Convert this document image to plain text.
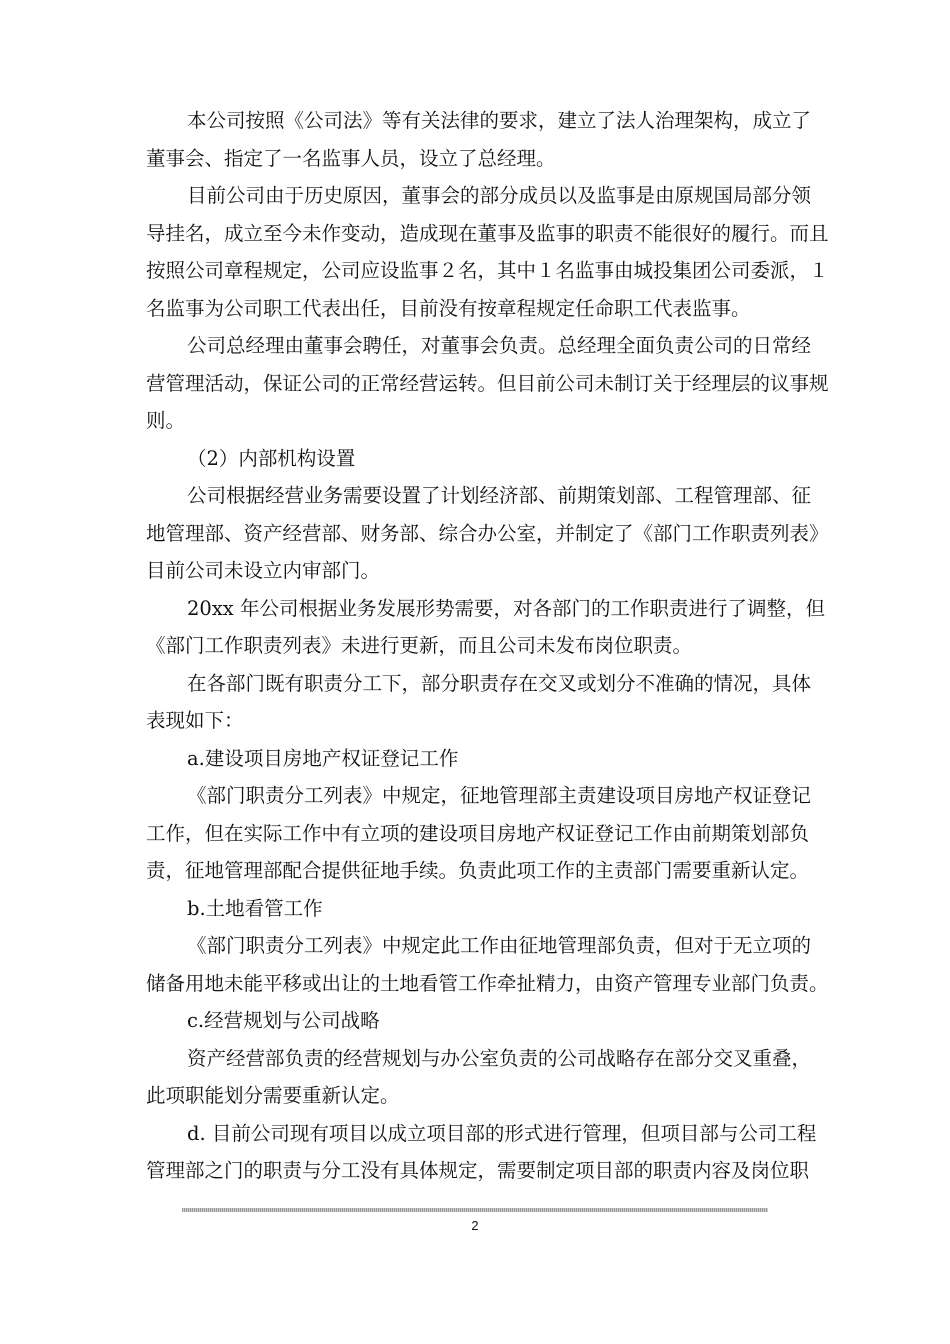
本公司按照《公司法》等有关法律的要求，建立了法人治理架构，成立了
董事会、指定了一名监事人员，设立了总经理。
目前公司由于历史原因，董事会的部分成员以及监事是由原规国局部分领
导挂名，成立至今未作变动，造成现在董事及监事的职责不能很好的履行。而且
按照公司章程规定，公司应设监事２名，其中１名监事由城投集团公司委派，１
名监事为公司职工代表出任，目前没有按章程规定任命职工代表监事。
公司总经理由董事会聘任，对董事会负责。总经理全面负责公司的日常经
营管理活动，保证公司的正常经营运转。但目前公司未制订关于经理层的议事规
则。
（2）内部机构设置
公司根据经营业务需要设置了计划经济部、前期策划部、工程管理部、征
地管理部、资产经营部、财务部、综合办公室，并制定了《部门工作职责列表》
目前公司未设立内审部门。
20xx 年公司根据业务发展形势需要，对各部门的工作职责进行了调整，但
《部门工作职责列表》未进行更新，而且公司未发布岗位职责。
在各部门既有职责分工下，部分职责存在交叉或划分不准确的情况，具体
表现如下：
a.建设项目房地产权证登记工作
《部门职责分工列表》中规定，征地管理部主责建设项目房地产权证登记
工作，但在实际工作中有立项的建设项目房地产权证登记工作由前期策划部负
责，征地管理部配合提供征地手续。负责此项工作的主责部门需要重新认定。
b.土地看管工作
《部门职责分工列表》中规定此工作由征地管理部负责，但对于无立项的
储备用地未能平移或出让的土地看管工作牵扯精力，由资产管理专业部门负责。
c.经营规划与公司战略
资产经营部负责的经营规划与办公室负责的公司战略存在部分交叉重叠，
此项职能划分需要重新认定。
d. 目前公司现有项目以成立项目部的形式进行管理，但项目部与公司工程
管理部之门的职责与分工没有具体规定，需要制定项目部的职责内容及岗位职
2
